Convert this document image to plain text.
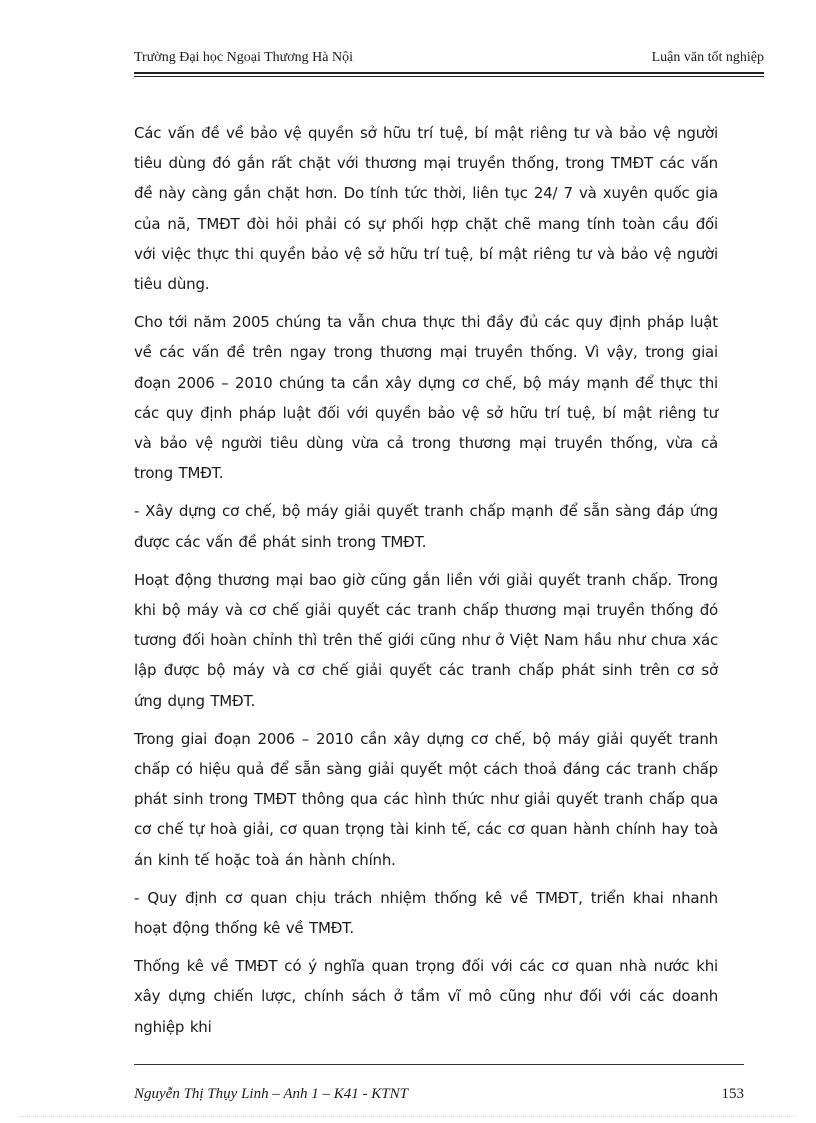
Trường Đại học Ngoại Thương Hà Nội	Luận văn tốt nghiệp

Các vấn đề về bảo vệ quyền sở hữu trí tuệ, bí mật riêng tư và bảo vệ người tiêu dùng đó gắn rất chặt với thương mại truyền thống, trong TMĐT các vấn đề này càng gắn chặt hơn. Do tính tức thời, liên tục 24/ 7 và xuyên quốc gia của nã, TMĐT đòi hỏi phải có sự phối hợp chặt chẽ mang tính toàn cầu đối với việc thực thi quyền bảo vệ sở hữu trí tuệ, bí mật riêng tư và bảo vệ người tiêu dùng.

Cho tới năm 2005 chúng ta vẫn chưa thực thi đầy đủ các quy định pháp luật về các vấn đề trên ngay trong thương mại truyền thống. Vì vậy, trong giai đoạn 2006 – 2010 chúng ta cần xây dựng cơ chế, bộ máy mạnh để thực thi các quy định pháp luật đối với quyền bảo vệ sở hữu trí tuệ, bí mật riêng tư và bảo vệ người tiêu dùng vừa cả trong thương mại truyền thống, vừa cả trong TMĐT.

- Xây dựng cơ chế, bộ máy giải quyết tranh chấp mạnh để sẵn sàng đáp ứng được các vấn đề phát sinh trong TMĐT.

Hoạt động thương mại bao giờ cũng gắn liền với giải quyết tranh chấp. Trong khi bộ máy và cơ chế giải quyết các tranh chấp thương mại truyền thống đó tương đối hoàn chỉnh thì trên thế giới cũng như ở Việt Nam hầu như chưa xác lập được bộ máy và cơ chế giải quyết các tranh chấp phát sinh trên cơ sở ứng dụng TMĐT.

Trong giai đoạn 2006 – 2010 cần xây dựng cơ chế, bộ máy giải quyết tranh chấp có hiệu quả để sẵn sàng giải quyết một cách thoả đáng các tranh chấp phát sinh trong TMĐT thông qua các hình thức như giải quyết tranh chấp qua cơ chế tự hoà giải, cơ quan trọng tài kinh tế, các cơ quan hành chính hay toà án kinh tế hoặc toà án hành chính.

- Quy định cơ quan chịu trách nhiệm thống kê về TMĐT, triển khai nhanh hoạt động thống kê về TMĐT.

Thống kê về TMĐT có ý nghĩa quan trọng đối với các cơ quan nhà nước khi xây dựng chiến lược, chính sách ở tầm vĩ mô cũng như đối với các doanh nghiệp khi

Nguyễn Thị Thụy Linh – Anh 1 – K41 - KTNT	153
